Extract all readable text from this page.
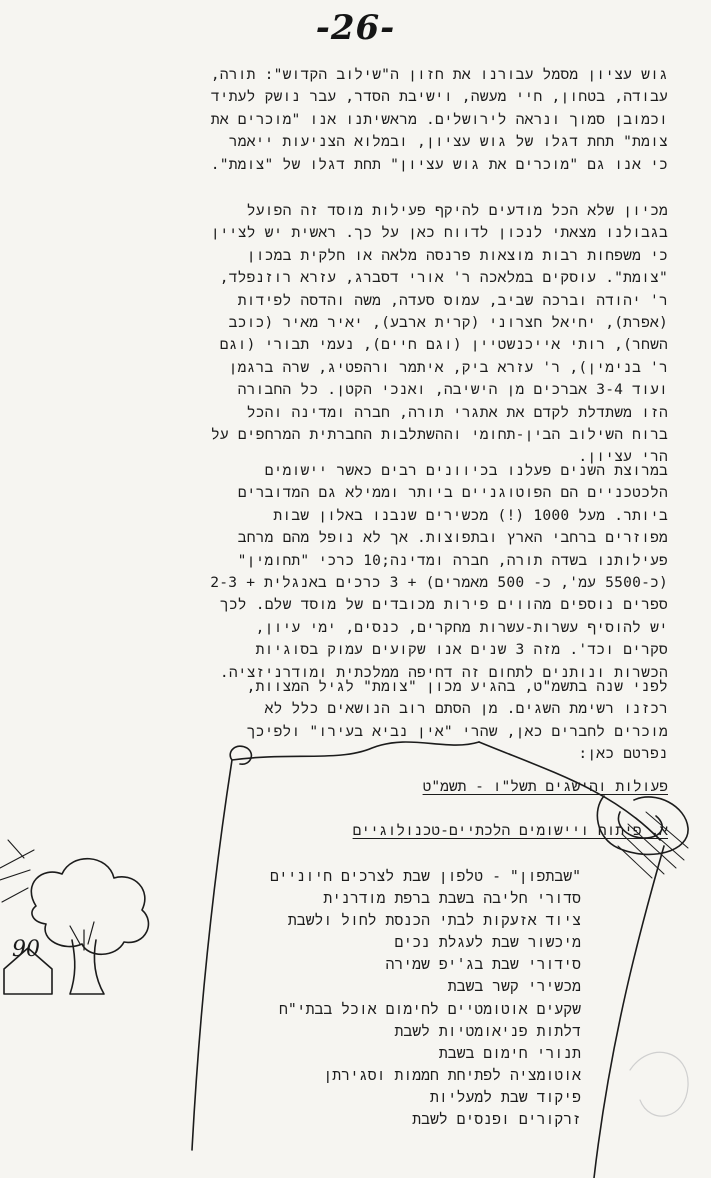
-26-
גוש עציון מסמל עבורנו את חזון ה"שילוב הקדוש": תורה,
עבודה, בטחון, חיי מעשה, וישיבת הסדר, עבר נושק לעתיד
וכמובן סמוך ונראה לירושלים. מראשיתנו אנו "מוכרים את
צומת" תחת דגלו של גוש עציון, ובמלוא הצניעות ייאמר
כי אנו גם "מוכרים את גוש עציון" תחת דגלו של "צומת".
מכיון שלא הכל מודעים להיקף פעילות מוסד זה הפועל
בגבולנו מצאתי לנכון לדווח כאן על כך. ראשית יש לציין
כי משפחות רבות מוצאות פרנסה מלאה או חלקית במכון
"צומת". עוסקים במלאכה ר' אורי דסברג, עזרא רוזנפלד,
ר' יהודה וברכה שביב, עמוס סעדה, משה והדסה לפידות
(אפרת), יחיאל חצרוני (קרית ארבע), יאיר מאיר (כוכב
השחר), רותי אייכנשטיין (וגם חיים), נעמי תבורי (וגם
ר' בנימין), ר' עזרא ביק, איתמר ורהפטיג, שרה ברגמן
ועוד 3-4 אברכים מן הישיבה, ואנכי הקטן. כל החבורה
הזו משתדלת לקדם את אתגרי תורה, חברה ומדינה והכל
ברוח השילוב הבין-תחומי וההשתלבות החברתית המרחפים על
הרי עציון.
במרוצת השנים פעלנו בכיוונים רבים כאשר יישומים
הלכטכניים הם הפוטוגניים ביותר וממילא גם המדוברים
ביותר. מעל 1000 (!) מכשירים שנבנו באלון שבות
מפוזרים ברחבי הארץ ובתפוצות. אך לא נופל מהם מרחב
פעילותנו בשדה תורה, חברה ומדינה;10 כרכי "תחומין"
(כ-5500 עמ', כ- 500 מאמרים) + 3 כרכים באנגלית + 2-3
ספרים נוספים מהווים פירות מכובדים של מוסד שלם. לכך
יש להוסיף עשרות-עשרות מחקרים, כנסים, ימי עיון,
סקרים וכד'. מזה 3 שנים אנו שקועים עמוק בסוגיות
הכשרות ונותנים לתחום זה דחיפה ממלכתית ומודרניזציה.
לפני שנה בתשמ"ט, בהגיע מכון "צומת" לגיל המצוות,
רכזנו רשימת השגים. מן הסתם רוב הנושאים כלל לא
מוכרים לחברים כאן, שהרי "אין נביא בעירו" ולפיכך
נפרטם כאן:
90
פעולות והישגים תשל"ו - תשמ"ט
א. פיתוח ויישומים הלכתיים-טכנולוגיים
"שבתפון" - טלפון שבת לצרכים חיוניים
סדורי חליבה בשבת ברפת מודרנית
ציוד אזעקות לבתי הכנסת לחול ולשבת
מיכשור שבת לעגלת נכים
סידורי שבת בג'יפ שמירה
מכשירי קשר בשבת
שקעים אוטומטיים לחימום אוכל בבתי"ח
דלתות פניאומטיות לשבת
תנורי חימום בשבת
אוטומציה לפתיחת חממות וסגירתן
פיקוד שבת למעליות
זרקורים ופנסים לשבת
